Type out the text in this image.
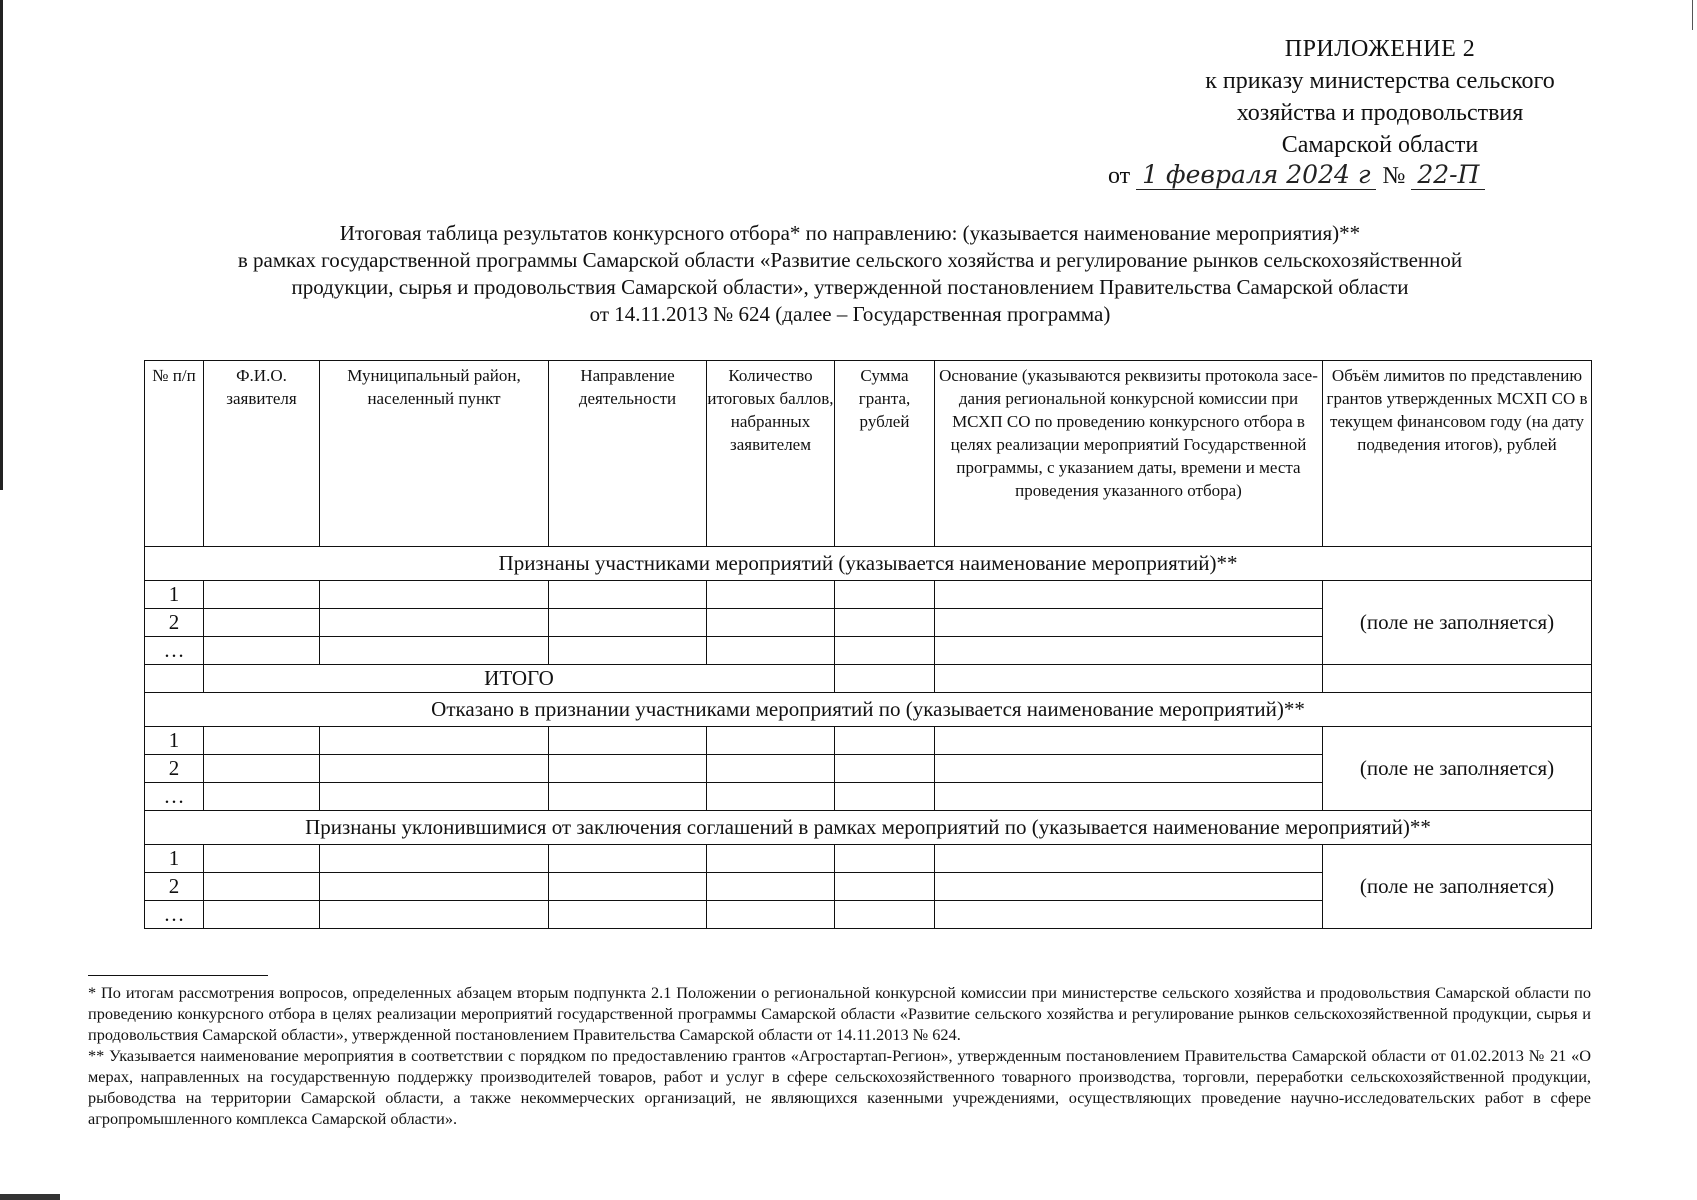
ПРИЛОЖЕНИЕ 2
к приказу министерства сельского
хозяйства и продовольствия
Самарской области
от 1 февраля 2024 г № 22-П
Итоговая таблица результатов конкурсного отбора* по направлению: (указывается наименование мероприятия)**
в рамках государственной программы Самарской области «Развитие сельского хозяйства и регулирование рынков сельскохозяйственной
продукции, сырья и продовольствия Самарской области», утвержденной постановлением Правительства Самарской области
от 14.11.2013 № 624 (далее – Государственная программа)
№ п/п	Ф.И.О. заявителя	Муниципальный район, населенный пункт	Направление деятельности	Количество итоговых баллов, набранных заявителем	Сумма гранта, рублей	Основание (указываются реквизиты протокола засе-дания региональной конкурсной комиссии при МСХП СО по проведению конкурсного отбора в целях реализации мероприятий Государственной программы, с указанием даты, времени и места проведения указанного отбора)	Объём лимитов по представлению грантов утвержденных МСХП СО в текущем финансовом году (на дату подведения итогов), рублей
Признаны участниками мероприятий (указывается наименование мероприятий)**							
1							(поле не заполняется)
2							
…							
	ИТОГО						
Отказано в признании участниками мероприятий по (указывается наименование мероприятий)**							
1							(поле не заполняется)
2							
…							
Признаны уклонившимися от заключения соглашений в рамках мероприятий по (указывается наименование мероприятий)**							
1							(поле не заполняется)
2							
…							

* По итогам рассмотрения вопросов, определенных абзацем вторым подпункта 2.1 Положении о региональной конкурсной комиссии при министерстве сельского хозяйства и продовольствия Самарской области по проведению конкурсного отбора в целях реализации мероприятий государственной программы Самарской области «Развитие сельского хозяйства и регулирование рынков сельскохозяйственной продукции, сырья и продовольствия Самарской области», утвержденной постановлением Правительства Самарской области от 14.11.2013 № 624.

** Указывается наименование мероприятия в соответствии с порядком по предоставлению грантов «Агростартап-Регион», утвержденным постановлением Правительства Самарской области от 01.02.2013 № 21 «О мерах, направленных на государственную поддержку производителей товаров, работ и услуг в сфере сельскохозяйственного товарного производства, торговли, переработки сельскохозяйственной продукции, рыбоводства на территории Самарской области, а также некоммерческих организаций, не являющихся казенными учреждениями, осуществляющих проведение научно-исследовательских работ в сфере агропромышленного комплекса Самарской области».
